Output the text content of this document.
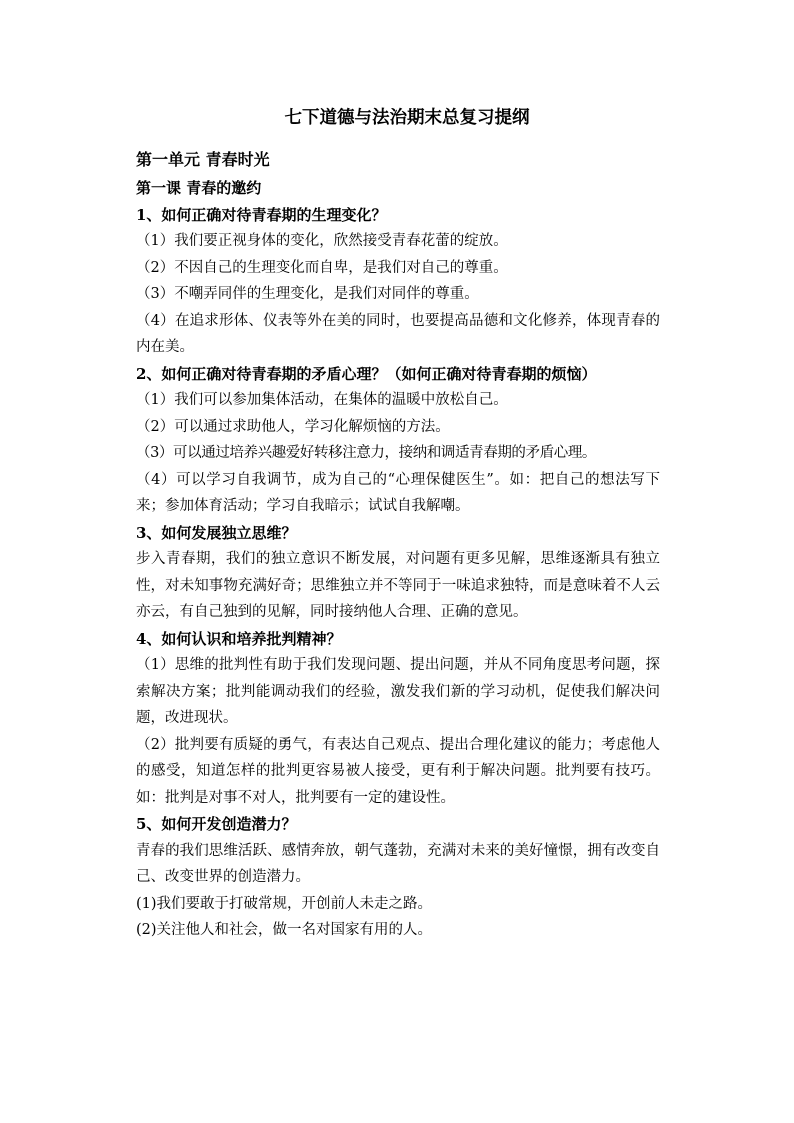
七下道德与法治期末总复习提纲

第一单元 青春时光

第一课 青春的邀约

1、如何正确对待青春期的生理变化？

（1）我们要正视身体的变化，欣然接受青春花蕾的绽放。

（2）不因自己的生理变化而自卑，是我们对自己的尊重。

（3）不嘲弄同伴的生理变化，是我们对同伴的尊重。

（4）在追求形体、仪表等外在美的同时，也要提高品德和文化修养，体现青春的内在美。

2、如何正确对待青春期的矛盾心理？（如何正确对待青春期的烦恼）

（1）我们可以参加集体活动，在集体的温暖中放松自己。

（2）可以通过求助他人，学习化解烦恼的方法。

（3）可以通过培养兴趣爱好转移注意力，接纳和调适青春期的矛盾心理。

（4）可以学习自我调节，成为自己的“心理保健医生”。如：把自己的想法写下来；参加体育活动；学习自我暗示；试试自我解嘲。

3、如何发展独立思维？

步入青春期，我们的独立意识不断发展，对问题有更多见解，思维逐渐具有独立性，对未知事物充满好奇；思维独立并不等同于一味追求独特，而是意味着不人云亦云，有自己独到的见解，同时接纳他人合理、正确的意见。

4、如何认识和培养批判精神？

（1）思维的批判性有助于我们发现问题、提出问题，并从不同角度思考问题，探索解决方案；批判能调动我们的经验，激发我们新的学习动机，促使我们解决问题，改进现状。

（2）批判要有质疑的勇气，有表达自己观点、提出合理化建议的能力；考虑他人的感受，知道怎样的批判更容易被人接受，更有利于解决问题。批判要有技巧。如：批判是对事不对人，批判要有一定的建设性。

5、如何开发创造潜力？

青春的我们思维活跃、感情奔放，朝气蓬勃，充满对未来的美好憧憬，拥有改变自己、改变世界的创造潜力。

(1)我们要敢于打破常规，开创前人未走之路。

(2)关注他人和社会，做一名对国家有用的人。
